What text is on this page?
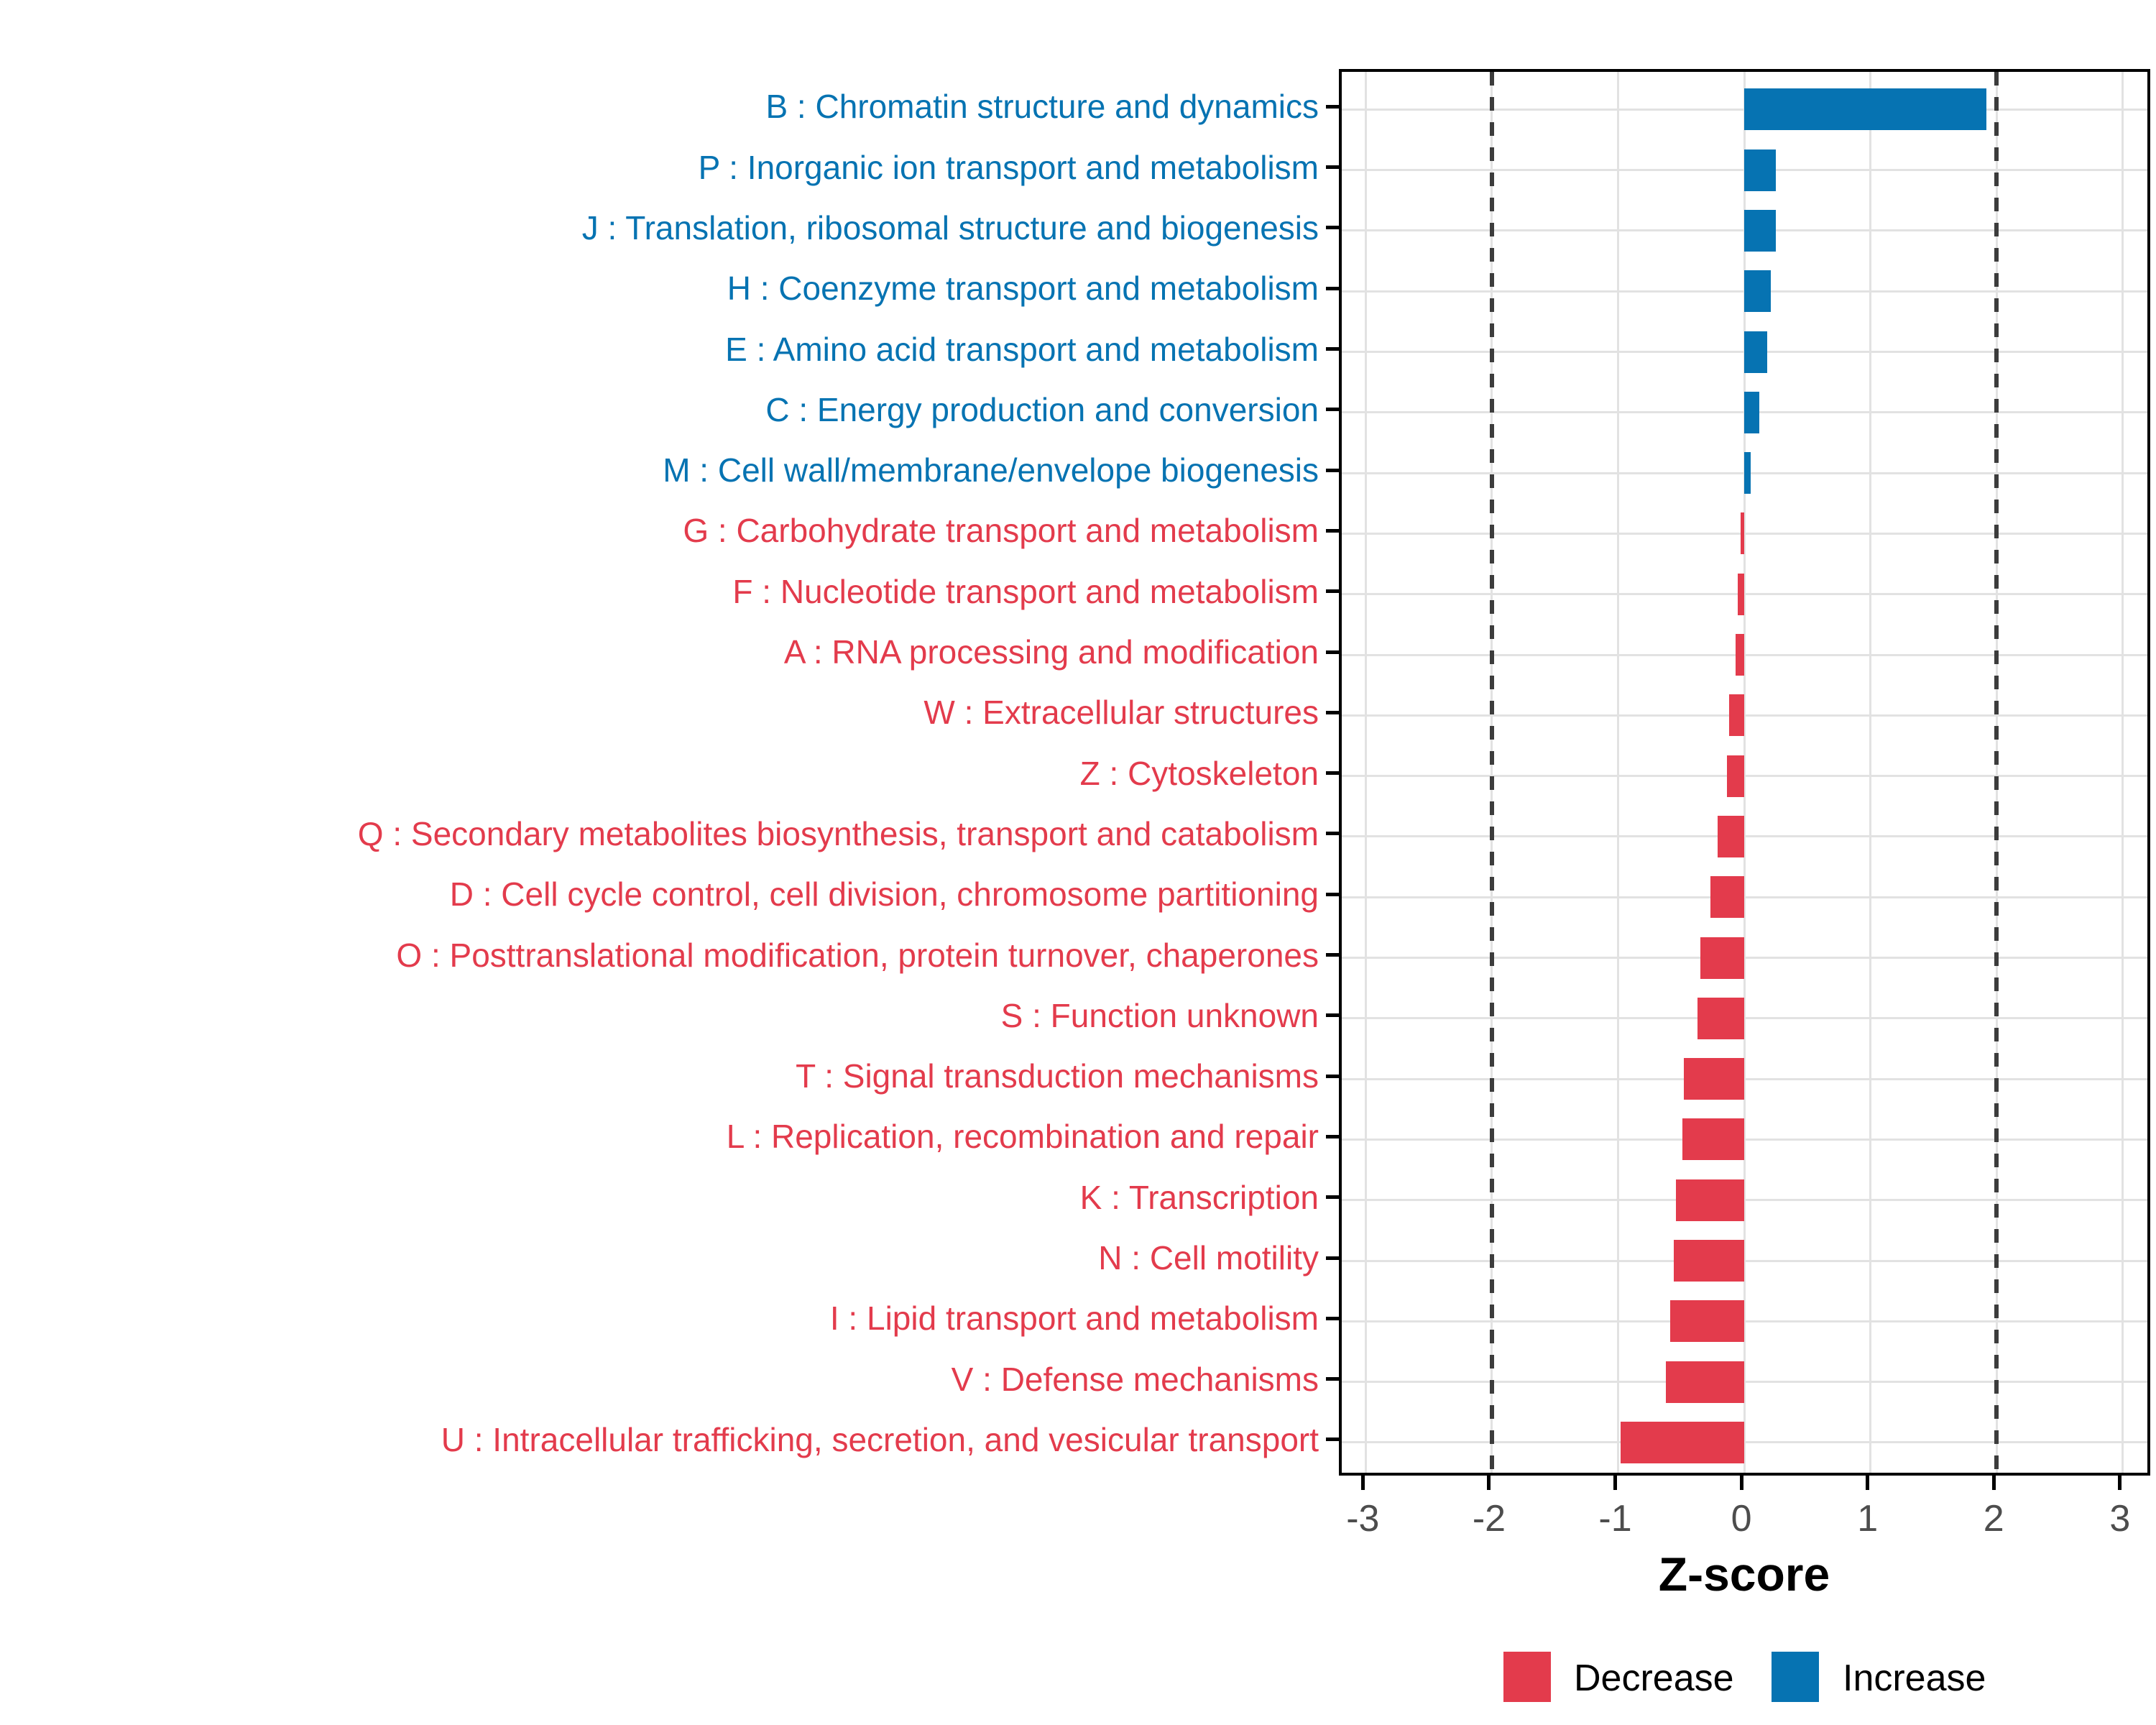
B : Chromatin structure and dynamics
P : Inorganic ion transport and metabolism
J : Translation, ribosomal structure and biogenesis
H : Coenzyme transport and metabolism
E : Amino acid transport and metabolism
C : Energy production and conversion
M : Cell wall/membrane/envelope biogenesis
G : Carbohydrate transport and metabolism
F : Nucleotide transport and metabolism
A : RNA processing and modification
W : Extracellular structures
Z : Cytoskeleton
Q : Secondary metabolites biosynthesis, transport and catabolism
D : Cell cycle control, cell division, chromosome partitioning
O : Posttranslational modification, protein turnover, chaperones
S : Function unknown
T : Signal transduction mechanisms
L : Replication, recombination and repair
K : Transcription
N : Cell motility
I : Lipid transport and metabolism
V : Defense mechanisms
U : Intracellular trafficking, secretion, and vesicular transport
-3	-2	-1	0	1	2	3
Z-score
Decrease	Increase
